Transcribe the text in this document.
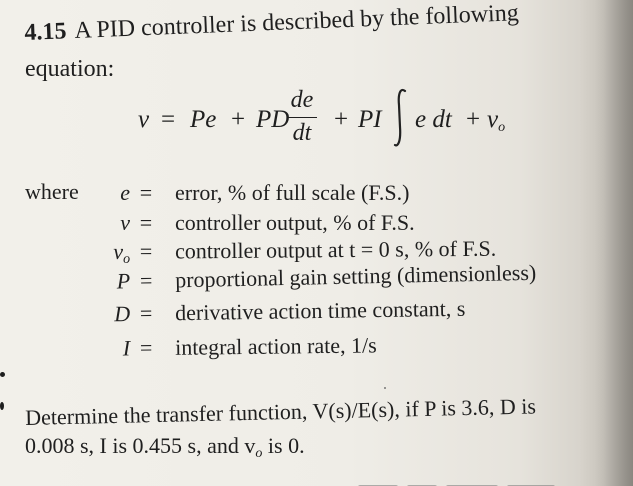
4.15 A PID controller is described by the following
equation:
v = Pe + PD
de
dt + PI e dt + vo
where	e = error, % of full scale (F.S.)
v = controller output, % of F.S.
vo = controller output at t = 0 s, % of F.S.
P = proportional gain setting (dimensionless)
D = derivative action time constant, s
I = integral action rate, 1/s
Determine the transfer function, V(s)/E(s), if P is 3.6, D is
0.008 s, I is 0.455 s, and vo is 0.
